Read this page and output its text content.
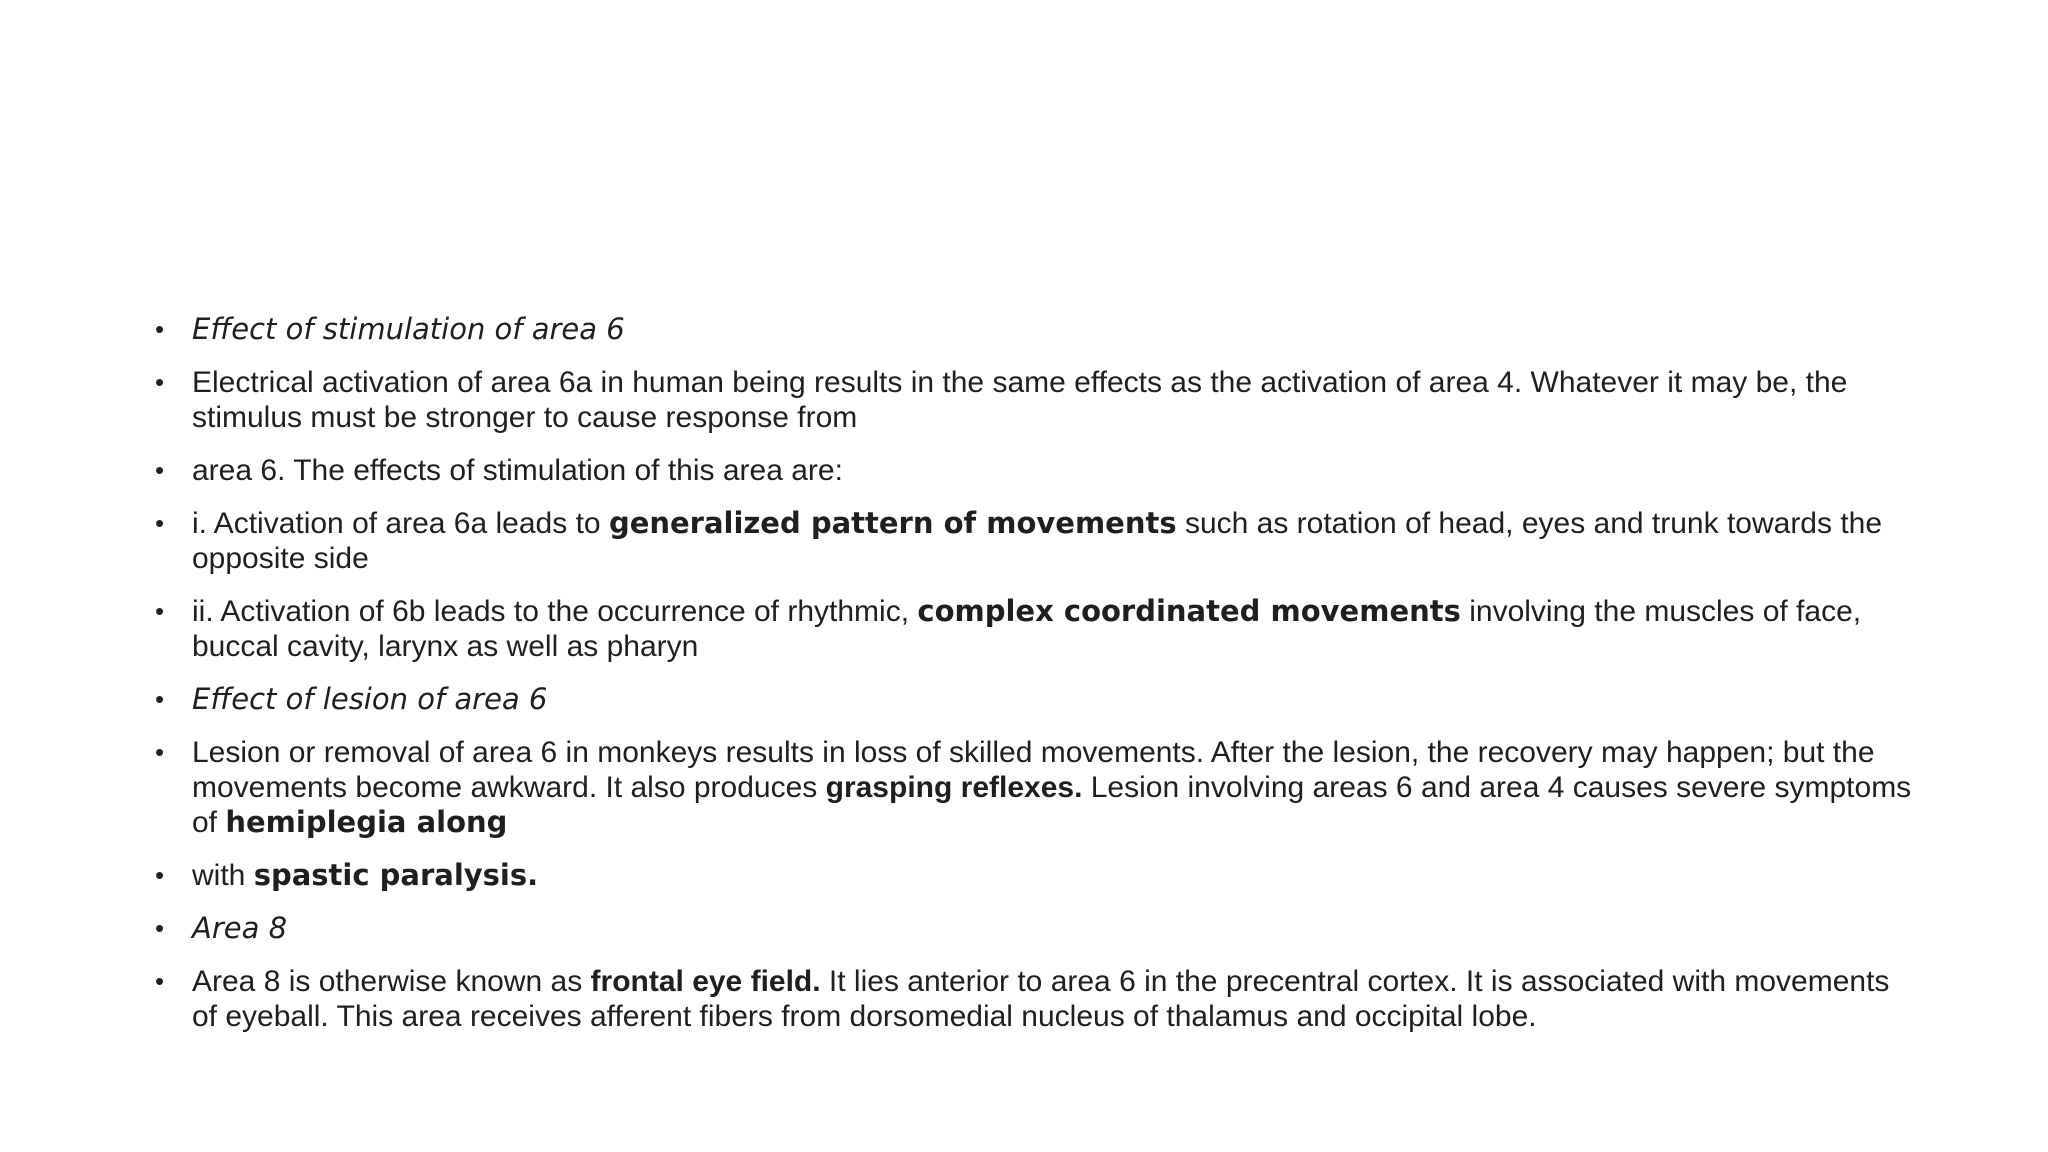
• Effect of stimulation of area 6
• Electrical activation of area 6a in human being results in the same effects as the activation of area 4. Whatever it may be, the stimulus must be stronger to cause response from
• area 6. The effects of stimulation of this area are:
• i. Activation of area 6a leads to generalized pattern of movements such as rotation of head, eyes and trunk towards the opposite side
• ii. Activation of 6b leads to the occurrence of rhythmic, complex coordinated movements involving the muscles of face, buccal cavity, larynx as well as pharyn
• Effect of lesion of area 6
• Lesion or removal of area 6 in monkeys results in loss of skilled movements. After the lesion, the recovery may happen; but the movements become awkward. It also produces grasping reflexes. Lesion involving areas 6 and area 4 causes severe symptoms of hemiplegia along
• with spastic paralysis.
• Area 8
• Area 8 is otherwise known as frontal eye field. It lies anterior to area 6 in the precentral cortex. It is associated with movements of eyeball. This area receives afferent fibers from dorsomedial nucleus of thalamus and occipital lobe.
